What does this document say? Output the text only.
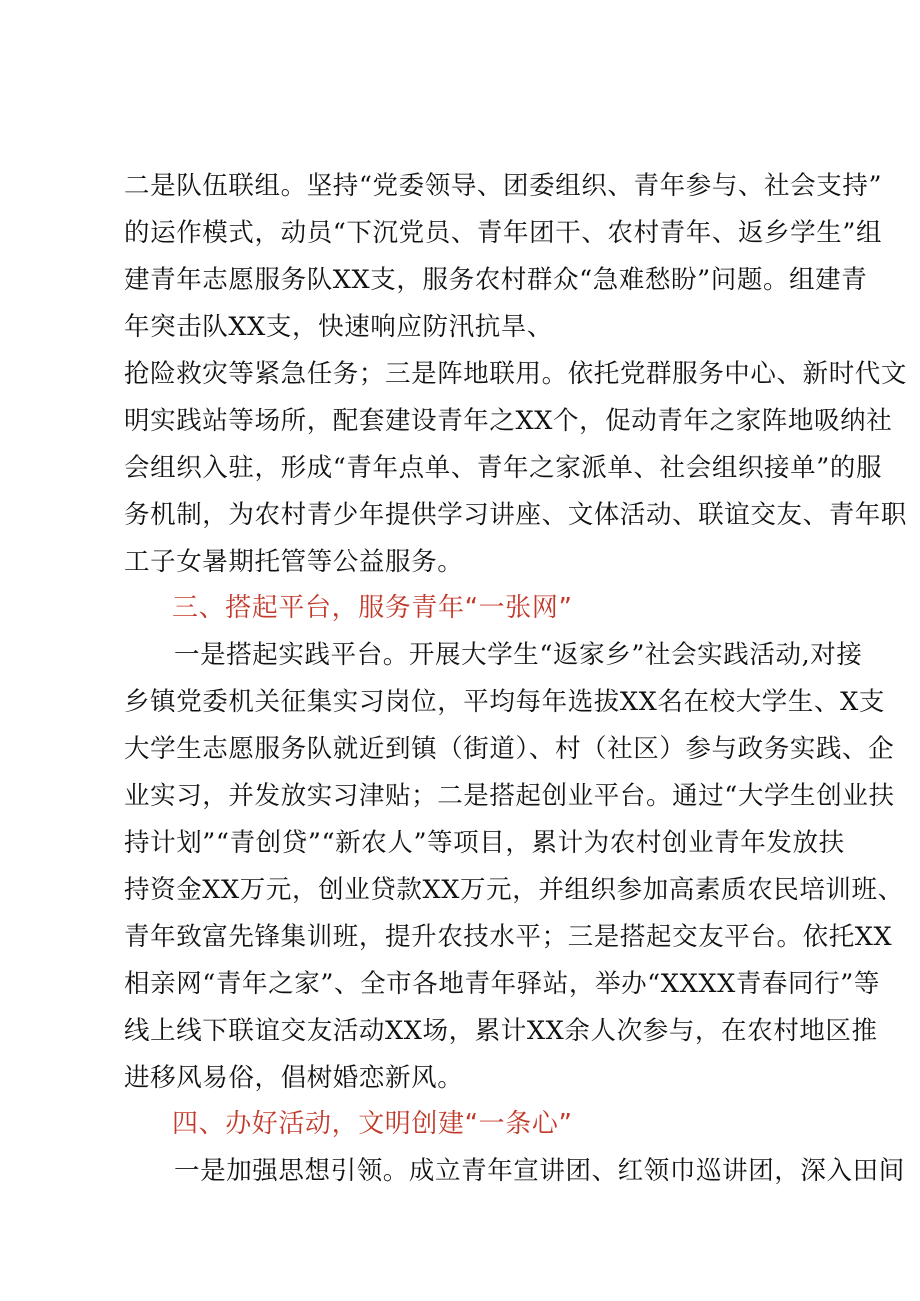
二是队伍联组。坚持“党委领导、团委组织、青年参与、社会支持”
的运作模式，动员“下沉党员、青年团干、农村青年、返乡学生”组
建青年志愿服务队XX支，服务农村群众“急难愁盼”问题。组建青
年突击队XX支，快速响应防汛抗旱、
抢险救灾等紧急任务；三是阵地联用。依托党群服务中心、新时代文
明实践站等场所，配套建设青年之XX个，促动青年之家阵地吸纳社
会组织入驻，形成“青年点单、青年之家派单、社会组织接单”的服
务机制，为农村青少年提供学习讲座、文体活动、联谊交友、青年职
工子女暑期托管等公益服务。
三、搭起平台，服务青年“一张网”
一是搭起实践平台。开展大学生“返家乡”社会实践活动,对接
乡镇党委机关征集实习岗位，平均每年选拔XX名在校大学生、X支
大学生志愿服务队就近到镇（街道）、村（社区）参与政务实践、企
业实习，并发放实习津贴；二是搭起创业平台。通过“大学生创业扶
持计划”“青创贷”“新农人”等项目，累计为农村创业青年发放扶
持资金XX万元，创业贷款XX万元，并组织参加高素质农民培训班、
青年致富先锋集训班，提升农技水平；三是搭起交友平台。依托XX
相亲网“青年之家”、全市各地青年驿站，举办“XXXX青春同行”等
线上线下联谊交友活动XX场，累计XX余人次参与，在农村地区推
进移风易俗，倡树婚恋新风。
四、办好活动，文明创建“一条心”
一是加强思想引领。成立青年宣讲团、红领巾巡讲团，深入田间
